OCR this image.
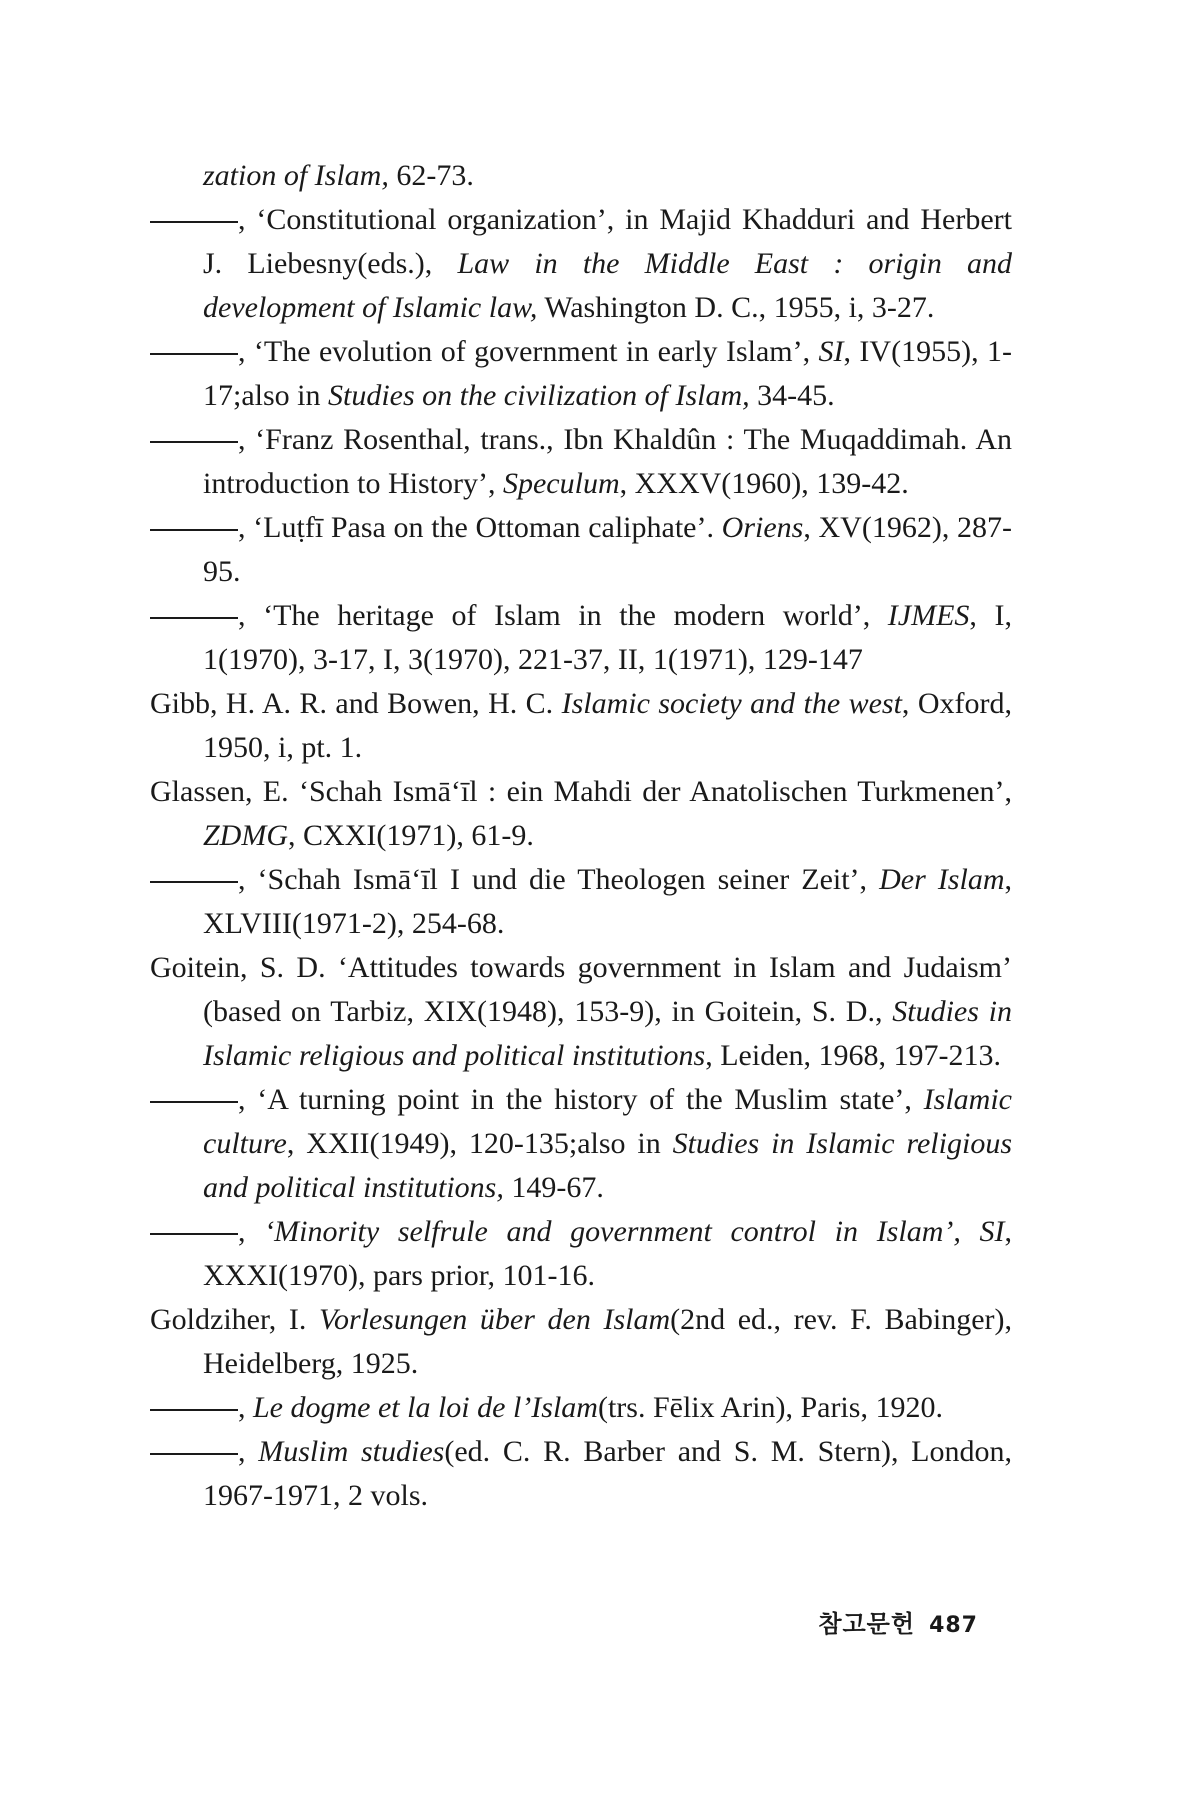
zation of Islam, 62-73.
, ‘Constitutional organization’, in Majid Khadduri and Herbert J. Liebesny(eds.), Law in the Middle East : origin and development of Islamic law, Washington D. C., 1955, i, 3-27.
, ‘The evolution of government in early Islam’, SI, IV(1955), 1-17;also in Studies on the civilization of Islam, 34-45.
, ‘Franz Rosenthal, trans., Ibn Khaldûn : The Muqaddimah. An introduction to History’, Speculum, XXXV(1960), 139-42.
, ‘Luṭfī Pasa on the Ottoman caliphate’. Oriens, XV(1962), 287-95.
, ‘The heritage of Islam in the modern world’, IJMES, I, 1(1970), 3-17, I, 3(1970), 221-37, II, 1(1971), 129-147
Gibb, H. A. R. and Bowen, H. C. Islamic society and the west, Oxford, 1950, i, pt. 1.
Glassen, E. ‘Schah Ismā‘īl : ein Mahdi der Anatolischen Turkmenen’, ZDMG, CXXI(1971), 61-9.
, ‘Schah Ismā‘īl I und die Theologen seiner Zeit’, Der Islam, XLVIII(1971-2), 254-68.
Goitein, S. D. ‘Attitudes towards government in Islam and Judaism’ (based on Tarbiz, XIX(1948), 153-9), in Goitein, S. D., Studies in Islamic religious and political institutions, Leiden, 1968, 197-213.
, ‘A turning point in the history of the Muslim state’, Islamic culture, XXII(1949), 120-135;also in Studies in Islamic religious and political institutions, 149-67.
, ‘Minority selfrule and government control in Islam’, SI, XXXI(1970), pars prior, 101-16.
Goldziher, I. Vorlesungen über den Islam(2nd ed., rev. F. Babinger), Heidelberg, 1925.
, Le dogme et la loi de l’Islam(trs. Fēlix Arin), Paris, 1920.
, Muslim studies(ed. C. R. Barber and S. M. Stern), London, 1967-1971, 2 vols.
참고문헌 487
